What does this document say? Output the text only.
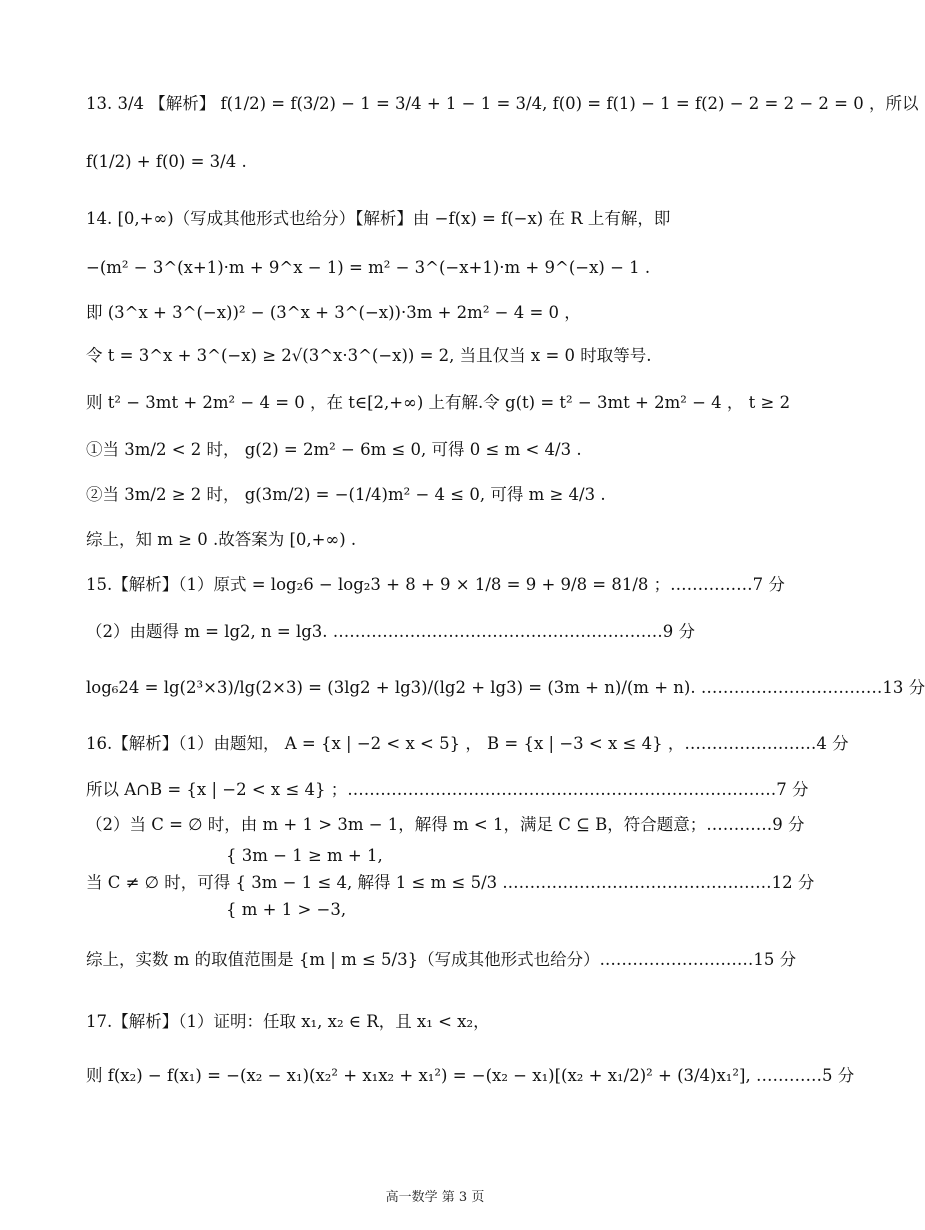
13. 3/4 【解析】 f(1/2) = f(3/2) − 1 = 3/4 + 1 − 1 = 3/4, f(0) = f(1) − 1 = f(2) − 2 = 2 − 2 = 0 ，所以
f(1/2) + f(0) = 3/4 .
14. [0,+∞)（写成其他形式也给分）【解析】由 −f(x) = f(−x) 在 R 上有解，即
−(m² − 3^(x+1)·m + 9^x − 1) = m² − 3^(−x+1)·m + 9^(−x) − 1 .
即 (3^x + 3^(−x))² − (3^x + 3^(−x))·3m + 2m² − 4 = 0 ，
令 t = 3^x + 3^(−x) ≥ 2√(3^x·3^(−x)) = 2, 当且仅当 x = 0 时取等号.
则 t² − 3mt + 2m² − 4 = 0 ，在 t∈[2,+∞) 上有解.令 g(t) = t² − 3mt + 2m² − 4 ， t ≥ 2
①当 3m/2 < 2 时， g(2) = 2m² − 6m ≤ 0, 可得 0 ≤ m < 4/3 .
②当 3m/2 ≥ 2 时， g(3m/2) = −(1/4)m² − 4 ≤ 0, 可得 m ≥ 4/3 .
综上，知 m ≥ 0 .故答案为 [0,+∞) .
15.【解析】（1）原式 = log₂6 − log₂3 + 8 + 9 × 1/8 = 9 + 9/8 = 81/8 ；……………7 分
（2）由题得 m = lg2, n = lg3. ……………………………………………………9 分
log₆24 = lg(2³×3)/lg(2×3) = (3lg2 + lg3)/(lg2 + lg3) = (3m + n)/(m + n). ……………………………13 分
16.【解析】（1）由题知， A = {x | −2 < x < 5} ， B = {x | −3 < x ≤ 4} ，……………………4 分
所以 A∩B = {x | −2 < x ≤ 4} ；……………………………………………………………………7 分
（2）当 C = ∅ 时，由 m + 1 > 3m − 1，解得 m < 1，满足 C ⊆ B，符合题意；…………9 分
{ 3m − 1 ≥ m + 1,
当 C ≠ ∅ 时，可得 { 3m − 1 ≤ 4, 解得 1 ≤ m ≤ 5/3 .…………………………………………12 分
{ m + 1 > −3,
综上，实数 m 的取值范围是 {m | m ≤ 5/3}（写成其他形式也给分）.………………………15 分
17.【解析】（1）证明：任取 x₁, x₂ ∈ R，且 x₁ < x₂，
则 f(x₂) − f(x₁) = −(x₂ − x₁)(x₂² + x₁x₂ + x₁²) = −(x₂ − x₁)[(x₂ + x₁/2)² + (3/4)x₁²], …………5 分
高一数学 第 3 页
